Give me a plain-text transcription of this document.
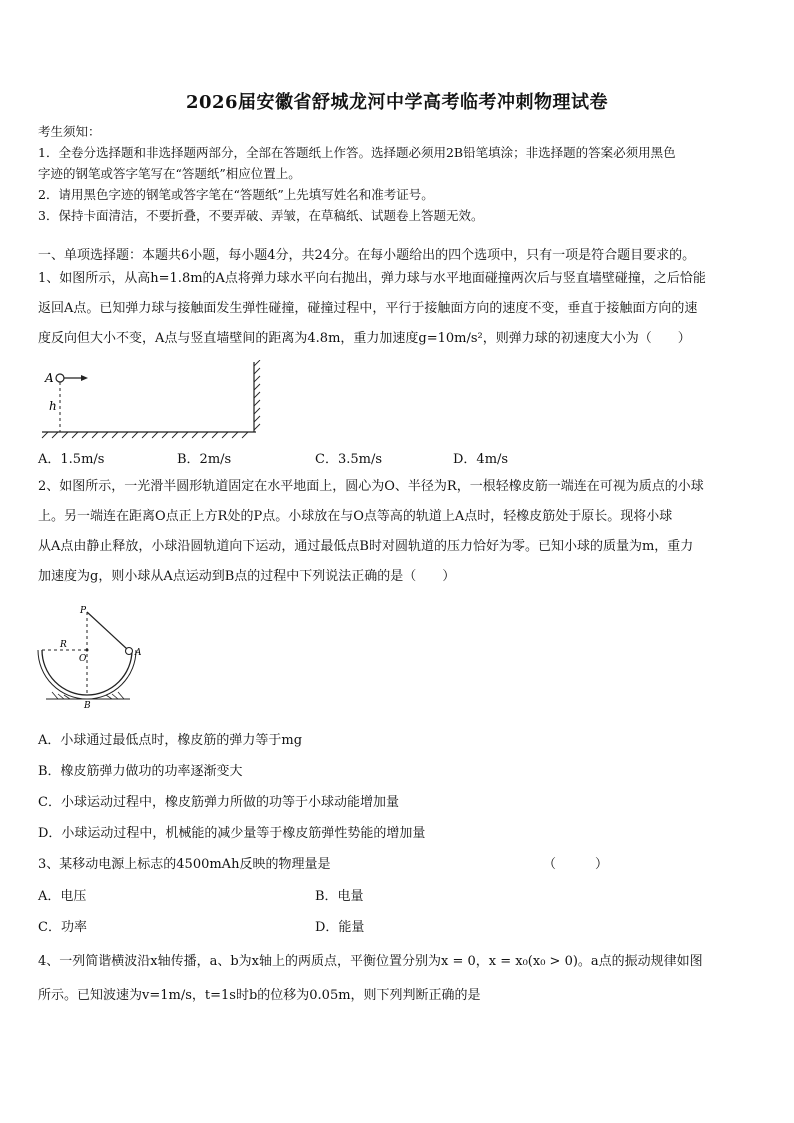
2026届安徽省舒城龙河中学高考临考冲刺物理试卷

考生须知：

1．全卷分选择题和非选择题两部分，全部在答题纸上作答。选择题必须用2B铅笔填涂；非选择题的答案必须用黑色

字迹的钢笔或答字笔写在“答题纸”相应位置上。

2．请用黑色字迹的钢笔或答字笔在“答题纸”上先填写姓名和准考证号。

3．保持卡面清洁，不要折叠，不要弄破、弄皱，在草稿纸、试题卷上答题无效。

一、单项选择题：本题共6小题，每小题4分，共24分。在每小题给出的四个选项中，只有一项是符合题目要求的。

1、如图所示，从高h=1.8m的A点将弹力球水平向右抛出，弹力球与水平地面碰撞两次后与竖直墙壁碰撞，之后恰能

返回A点。已知弹力球与接触面发生弹性碰撞，碰撞过程中，平行于接触面方向的速度不变，垂直于接触面方向的速

度反向但大小不变，A点与竖直墙壁间的距离为4.8m，重力加速度g=10m/s²，则弹力球的初速度大小为（　　）

A
h
A．1.5m/s	B．2m/s	C．3.5m/s	D．4m/s

2、如图所示，一光滑半圆形轨道固定在水平地面上，圆心为O、半径为R，一根轻橡皮筋一端连在可视为质点的小球

上。另一端连在距离O点正上方R处的P点。小球放在与O点等高的轨道上A点时，轻橡皮筋处于原长。现将小球

从A点由静止释放，小球沿圆轨道向下运动，通过最低点B时对圆轨道的压力恰好为零。已知小球的质量为m，重力

加速度为g，则小球从A点运动到B点的过程中下列说法正确的是（　　）

P
R
O
A
B
A．小球通过最低点时，橡皮筋的弹力等于mg
B．橡皮筋弹力做功的功率逐渐变大
C．小球运动过程中，橡皮筋弹力所做的功等于小球动能增加量
D．小球运动过程中，机械能的减少量等于橡皮筋弹性势能的增加量
3、某移动电源上标志的4500mAh反映的物理量是	（　　　）
A．电压	B．电量
C．功率	D．能量

4、一列简谐横波沿x轴传播，a、b为x轴上的两质点，平衡位置分别为x = 0，x = x₀(x₀ > 0)。a点的振动规律如图

所示。已知波速为v=1m/s，t=1s时b的位移为0.05m，则下列判断正确的是
